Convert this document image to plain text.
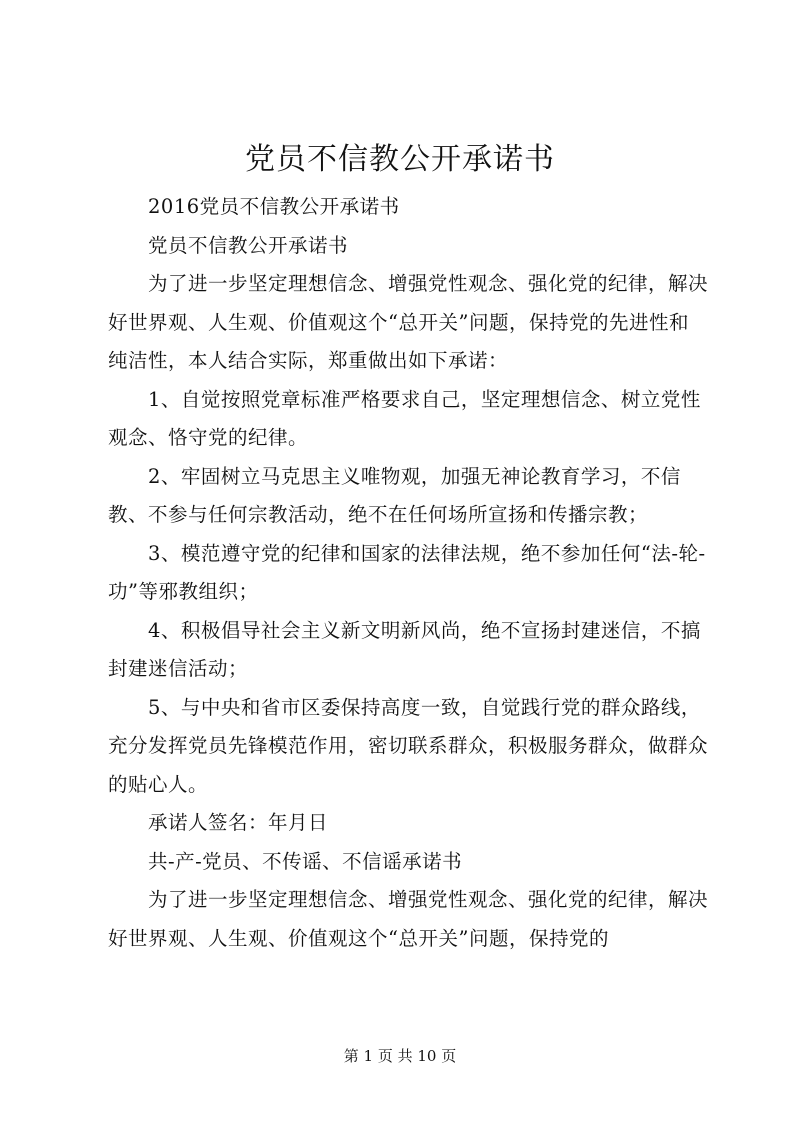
党员不信教公开承诺书

2016党员不信教公开承诺书

党员不信教公开承诺书

为了进一步坚定理想信念、增强党性观念、强化党的纪律，解决好世界观、人生观、价值观这个“总开关”问题，保持党的先进性和纯洁性，本人结合实际，郑重做出如下承诺：

1、自觉按照党章标准严格要求自己，坚定理想信念、树立党性观念、恪守党的纪律。

2、牢固树立马克思主义唯物观，加强无神论教育学习，不信教、不参与任何宗教活动，绝不在任何场所宣扬和传播宗教；

3、模范遵守党的纪律和国家的法律法规，绝不参加任何“法-轮-功”等邪教组织；

4、积极倡导社会主义新文明新风尚，绝不宣扬封建迷信，不搞封建迷信活动；

5、与中央和省市区委保持高度一致，自觉践行党的群众路线，充分发挥党员先锋模范作用，密切联系群众，积极服务群众，做群众的贴心人。

承诺人签名：年月日

共-产-党员、不传谣、不信谣承诺书

为了进一步坚定理想信念、增强党性观念、强化党的纪律，解决好世界观、人生观、价值观这个“总开关”问题，保持党的

第 1 页 共 10 页
